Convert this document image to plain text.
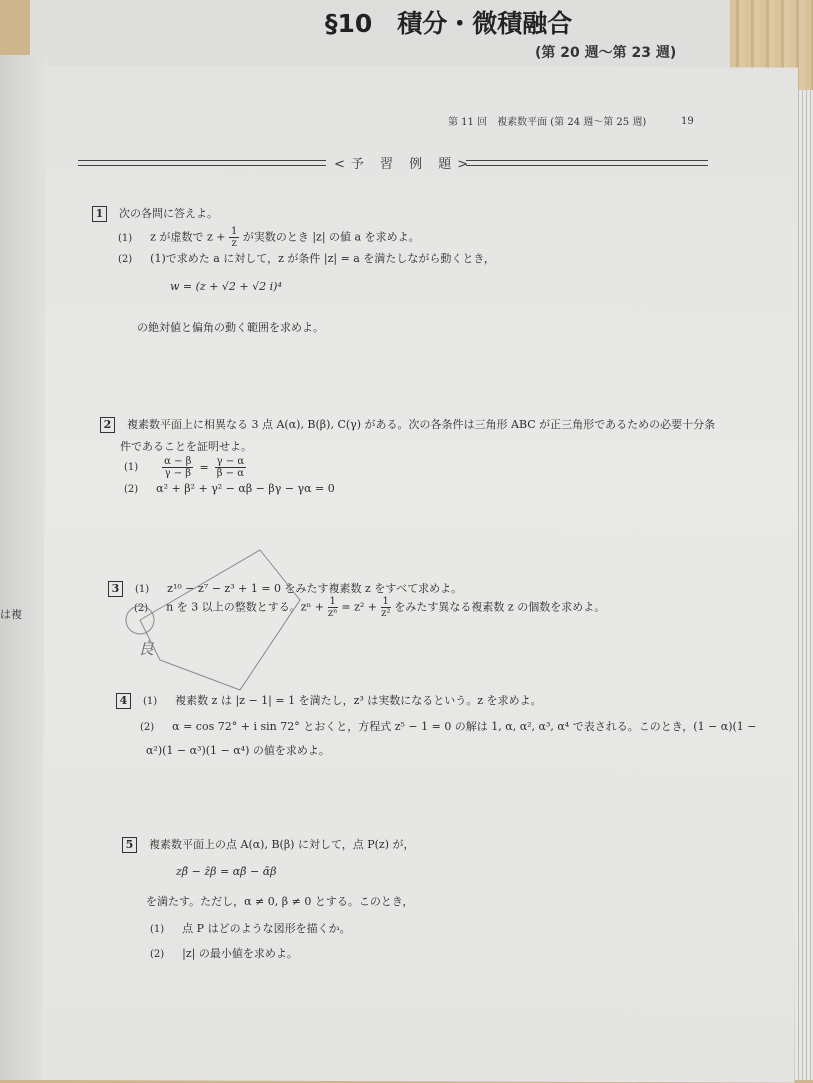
§10　積分・微積融合
(第 20 週〜第 23 週)
は複
第 11 回　複素数平面 (第 24 週〜第 25 週)	19
<予 習 例 題>
1 次の各問に答えよ。
(1) z が虚数で $z + \frac{1}{z}$ が実数のとき |z| の値 a を求めよ。
(2) (1)で求めた a に対して，z が条件 |z| = a を満たしながら動くとき，
w = (z + √2 + √2 i)⁴
の絶対値と偏角の動く範囲を求めよ。
2 複素数平面上に相異なる 3 点 A(α), B(β), C(γ) がある。次の各条件は三角形 ABC が正三角形であるための必要十分条
件であることを証明せよ。
$(1) \frac{\alpha - \beta}{\gamma - \beta} = \frac{\gamma - \alpha}{\beta - \alpha}$
(2) α² + β² + γ² − αβ − βγ − γα = 0
3 (1) z¹⁰ − z⁷ − z³ + 1 = 0 をみたす複素数 z をすべて求めよ。
(2) n を 3 以上の整数とする。$z^n + \frac{1}{\text{zⁿ}} = z^2 + \frac{1}{\text{z²}}$ をみたす異なる複素数 z の個数を求めよ。
良
4 (1) 複素数 z は |z − 1| = 1 を満たし，z³ は実数になるという。z を求めよ。
(2) α = cos 72° + i sin 72° とおくと，方程式 z⁵ − 1 = 0 の解は 1, α, α², α³, α⁴ で表される。このとき，(1 − α)(1 −
α²)(1 − α³)(1 − α⁴) の値を求めよ。
5 複素数平面上の点 A(α), B(β) に対して，点 P(z) が，
zβ̄ − z̄β = αβ̄ − ᾱβ
を満たす。ただし，α ≠ 0, β ≠ 0 とする。このとき，
(1) 点 P はどのような図形を描くか。
(2) |z| の最小値を求めよ。
